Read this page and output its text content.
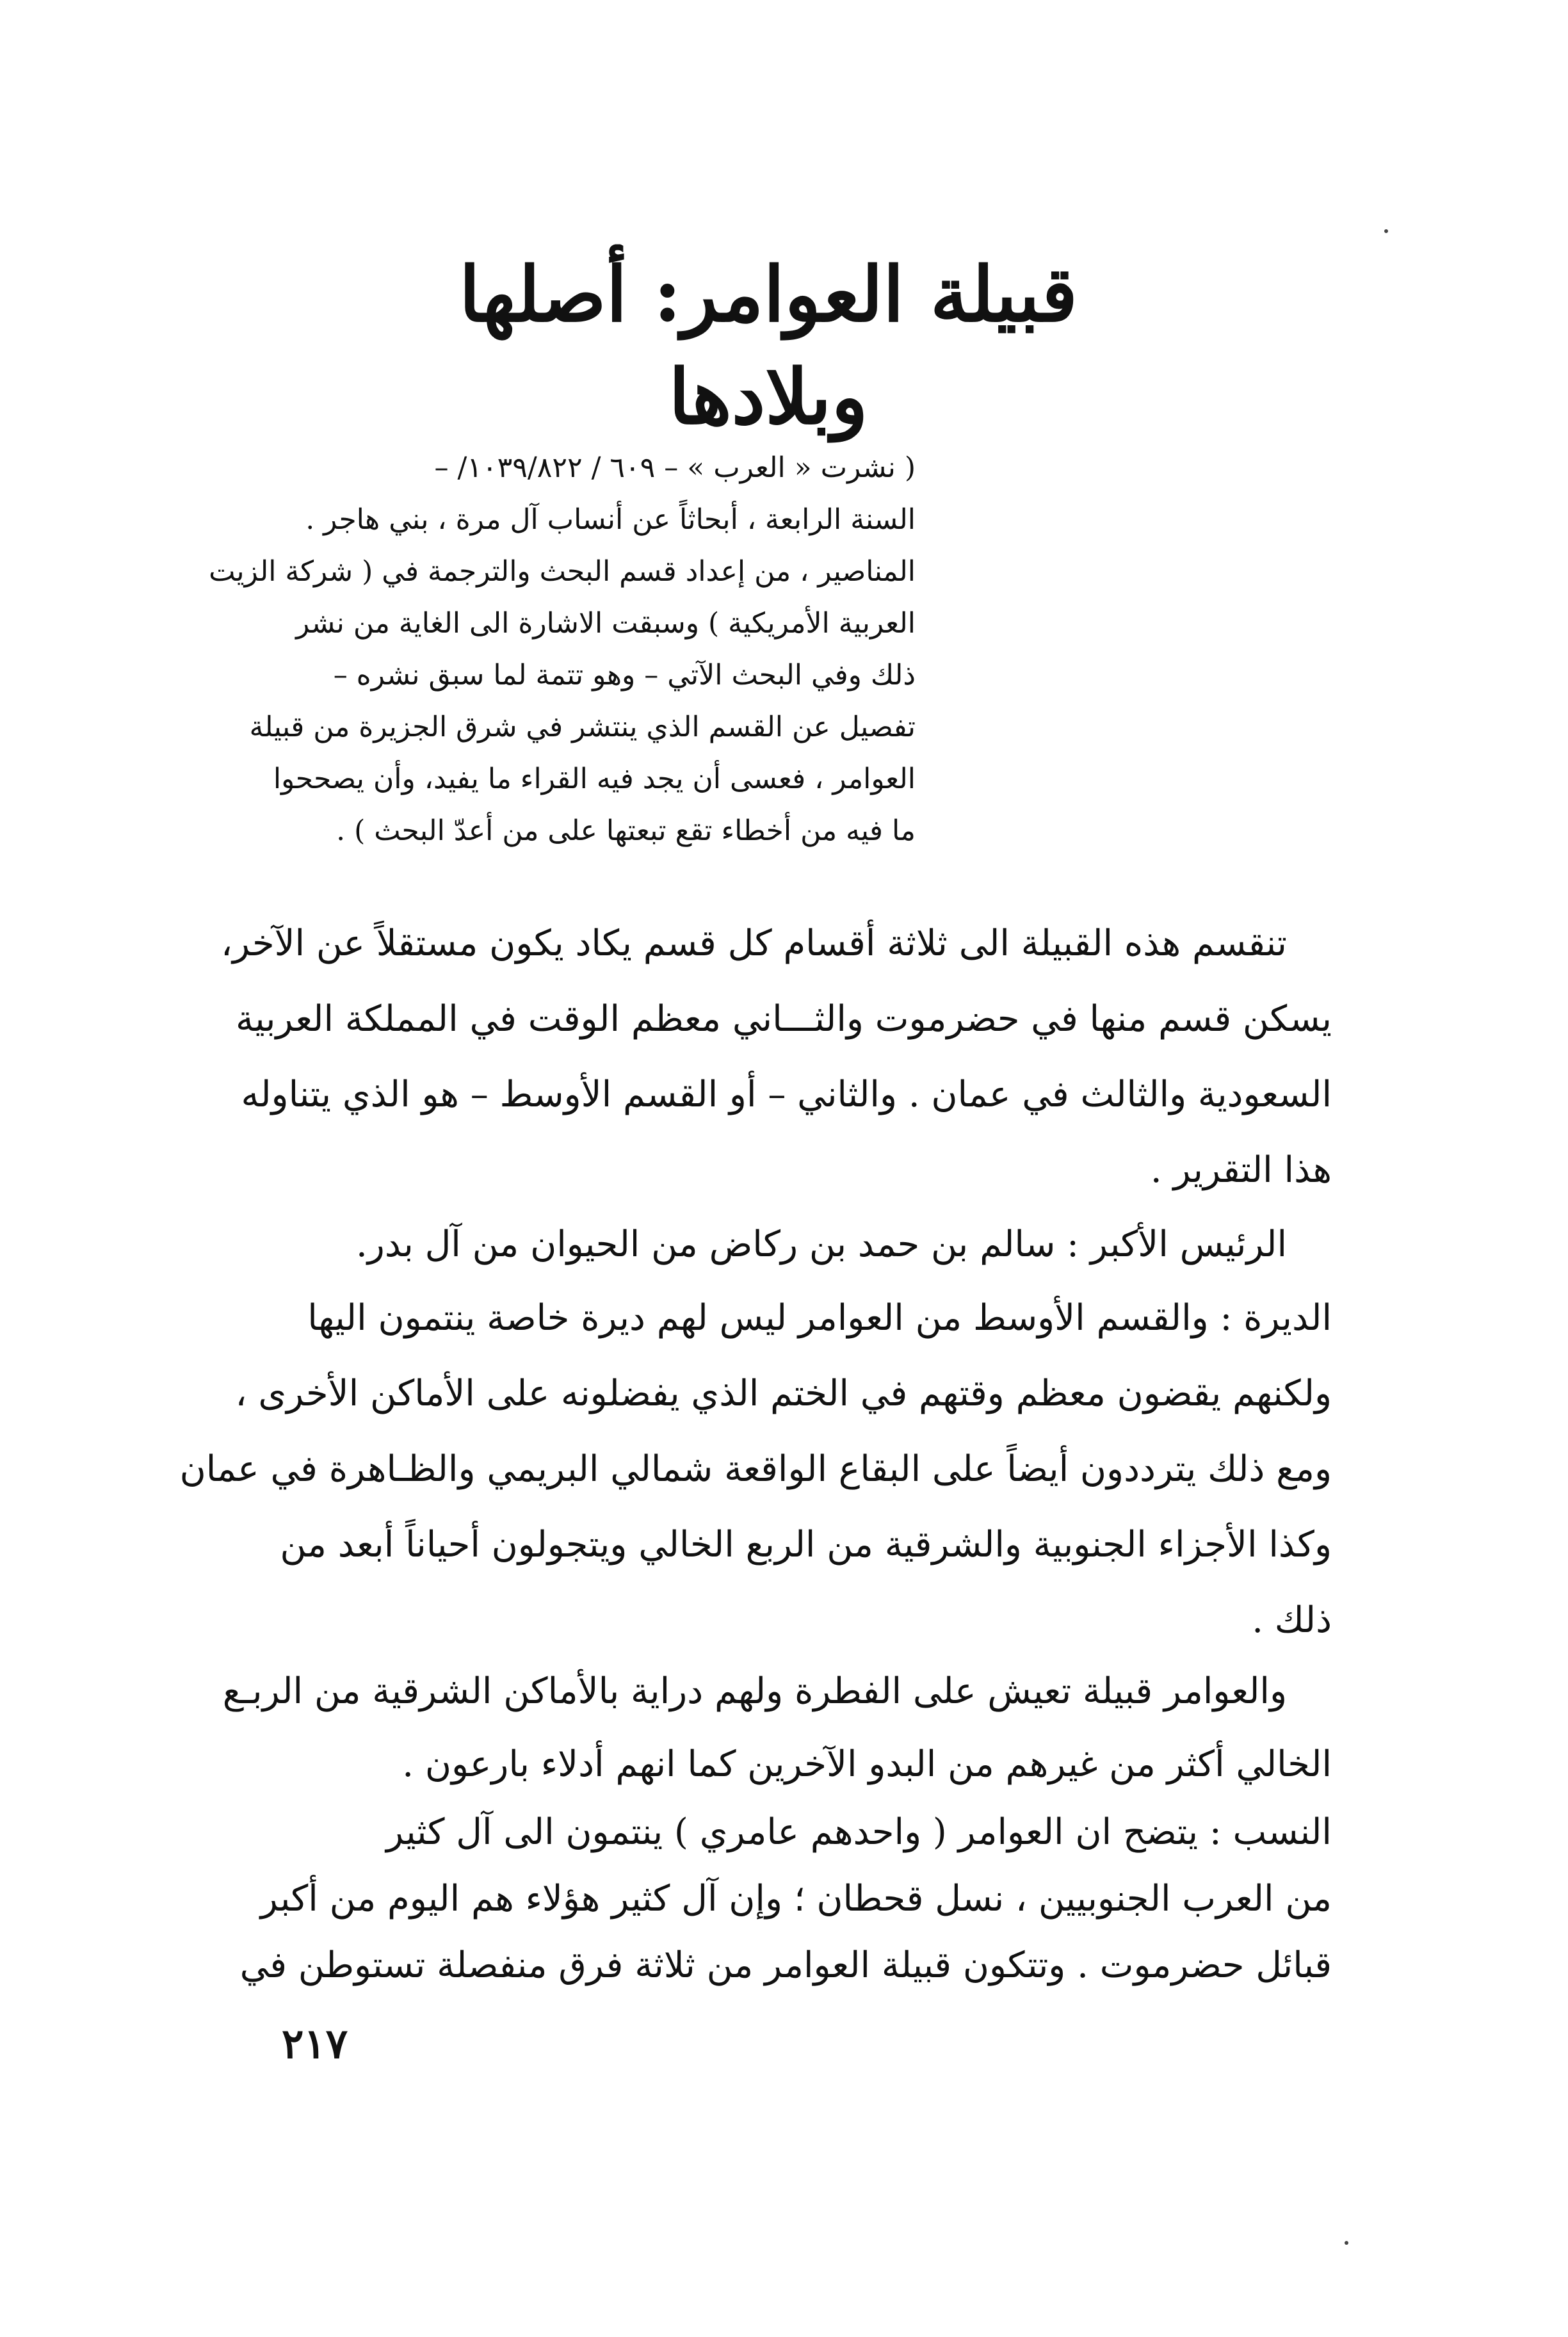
قبيلة العوامر: أصلها وبلادها
( نشرت « العرب » – ٦٠٩ / ١٠٣٩/٨٢٢/ –
السنة الرابعة ، أبحاثاً عن أنساب آل مرة ، بني هاجر .
المناصير ، من إعداد قسم البحث والترجمة في ( شركة الزيت
العربية الأمريكية ) وسبقت الاشارة الى الغاية من نشر
ذلك وفي البحث الآتي – وهو تتمة لما سبق نشره –
تفصيل عن القسم الذي ينتشر في شرق الجزيرة من قبيلة
العوامر ، فعسى أن يجد فيه القراء ما يفيد، وأن يصححوا
ما فيه من أخطاء تقع تبعتها على من أعدّ البحث ) .
تنقسم هذه القبيلة الى ثلاثة أقسام كل قسم يكاد يكون مستقلاً عن الآخر،
يسكن قسم منها في حضرموت والثـــاني معظم الوقت في المملكة العربية
السعودية والثالث في عمان . والثاني – أو القسم الأوسط – هو الذي يتناوله
هذا التقرير .
الرئيس الأكبر : سالم بن حمد بن ركاض من الحيوان من آل بدر.
الديرة : والقسم الأوسط من العوامر ليس لهم ديرة خاصة ينتمون اليها
ولكنهم يقضون معظم وقتهم في الختم الذي يفضلونه على الأماكن الأخرى ،
ومع ذلك يترددون أيضاً على البقاع الواقعة شمالي البريمي والظـاهرة في عمان
وكذا الأجزاء الجنوبية والشرقية من الربع الخالي ويتجولون أحياناً أبعد من
ذلك .
والعوامر قبيلة تعيش على الفطرة ولهم دراية بالأماكن الشرقية من الربـع
الخالي أكثر من غيرهم من البدو الآخرين كما انهم أدلاء بارعون .
النسب : يتضح ان العوامر ( واحدهم عامري ) ينتمون الى آل كثير
من العرب الجنوبيين ، نسل قحطان ؛ وإن آل كثير هؤلاء هم اليوم من أكبر
قبائل حضرموت . وتتكون قبيلة العوامر من ثلاثة فرق منفصلة تستوطن في
٢١٧
